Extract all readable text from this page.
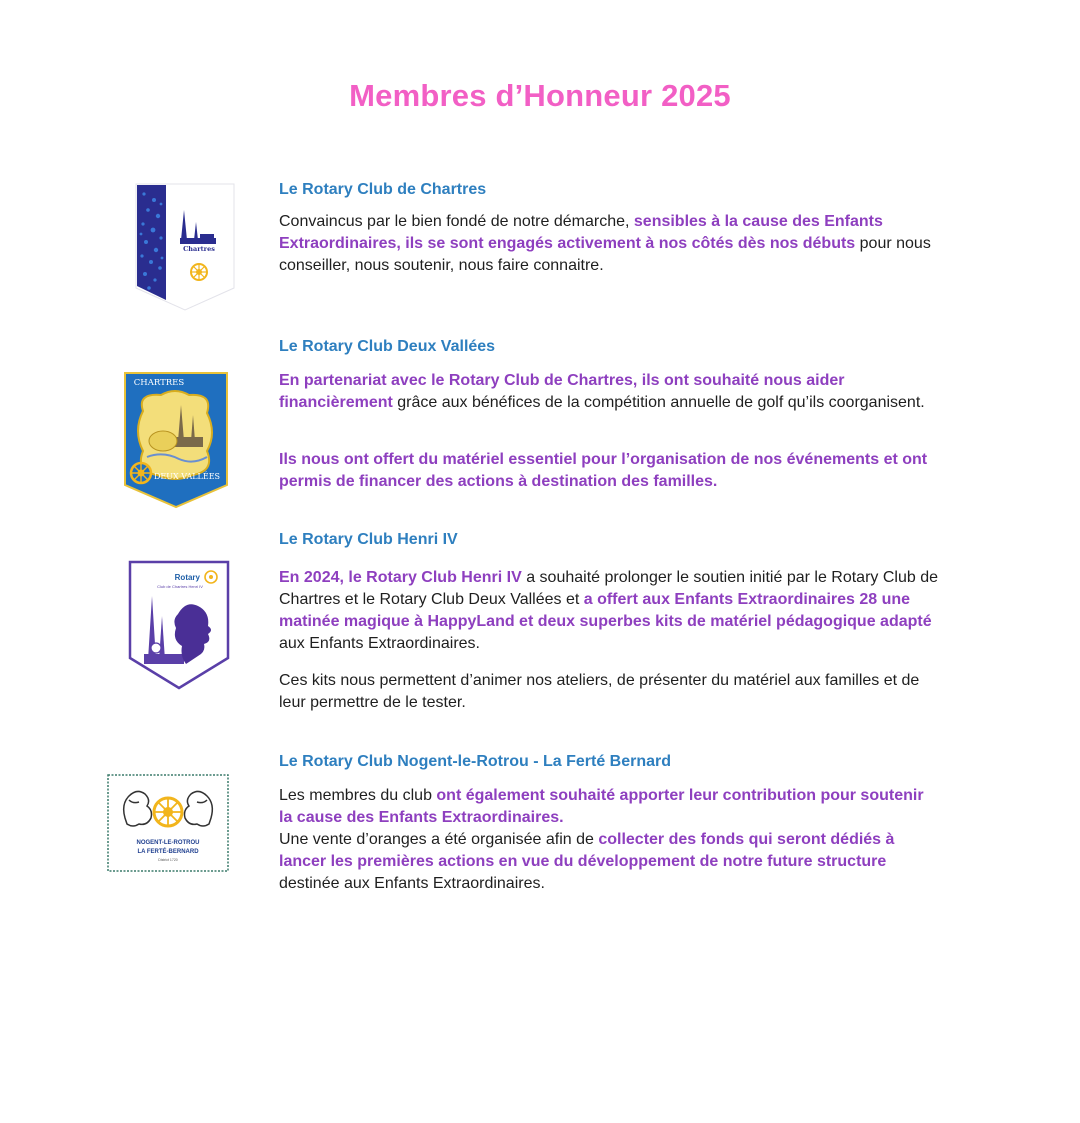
Membres d’Honneur 2025
Chartres
Le Rotary Club de Chartres
Convaincus par le bien fondé de notre démarche, sensibles à la cause des Enfants Extraordinaires, ils se sont engagés activement à nos côtés dès nos débuts pour nous conseiller, nous soutenir, nous faire connaitre.
CHARTRES
DEUX VALLÉES
Le Rotary Club Deux Vallées
En partenariat avec le Rotary Club de Chartres, ils ont souhaité nous aider financièrement grâce aux bénéfices de la compétition annuelle de golf qu’ils coorganisent.
Ils nous ont offert du matériel essentiel pour l’organisation de nos événements et ont permis de financer des actions à destination des familles.
Rotary
Club de Chartres Henri IV
Le Rotary Club Henri IV
En 2024, le Rotary Club Henri IV a souhaité prolonger le soutien initié par le Rotary Club de Chartres et le Rotary Club Deux Vallées et a offert aux Enfants Extraordinaires 28 une matinée magique à HappyLand et deux superbes kits de matériel pédagogique adapté aux Enfants Extraordinaires.
Ces kits nous permettent d’animer nos ateliers, de présenter du matériel aux familles et de leur permettre de le tester.
NOGENT-LE-ROTROU
LA FERTÉ-BERNARD
District 1720
Le Rotary Club Nogent-le-Rotrou - La Ferté Bernard
Les membres du club ont également souhaité apporter leur contribution pour soutenir la cause des Enfants Extraordinaires.
Une vente d’oranges a été organisée afin de collecter des fonds qui seront dédiés à lancer les premières actions en vue du développement de notre future structure destinée aux Enfants Extraordinaires.
